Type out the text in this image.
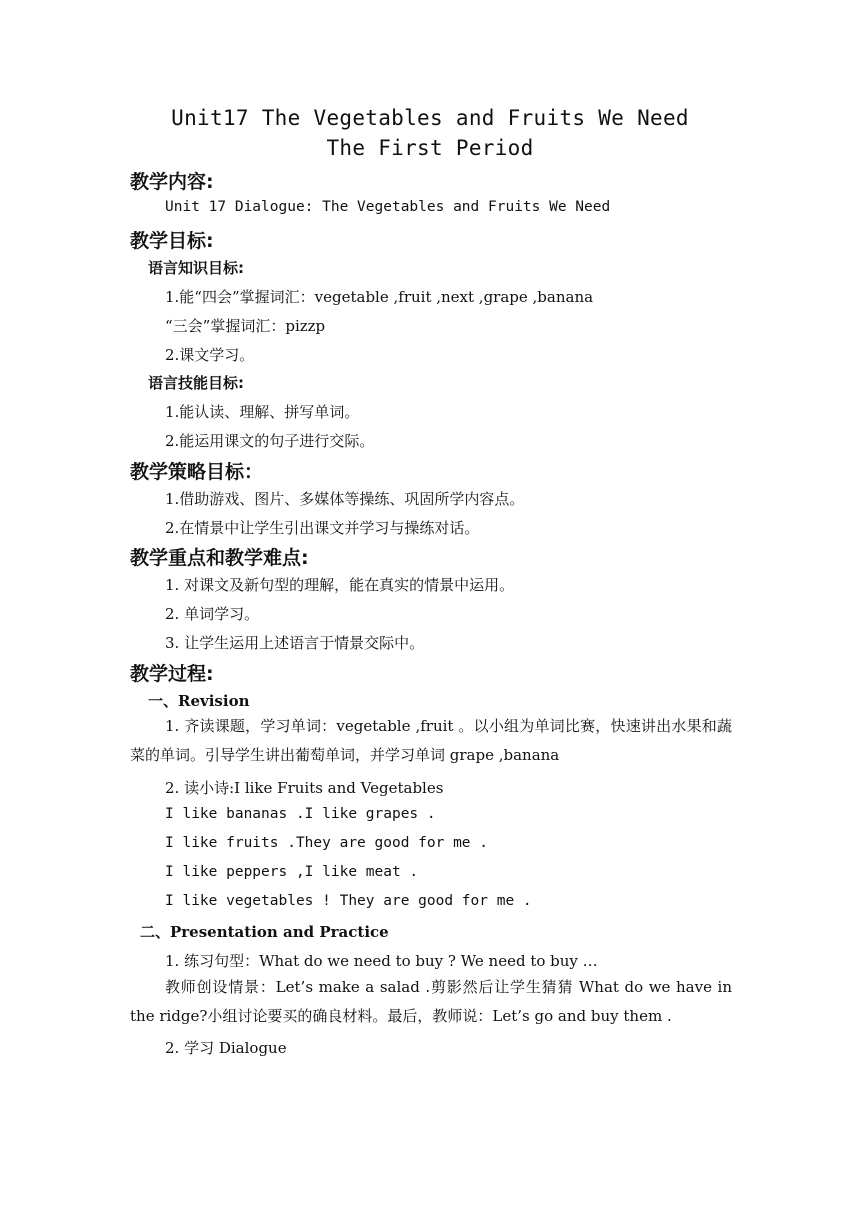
Unit17 The Vegetables and Fruits We Need
The First Period
教学内容:
Unit 17 Dialogue: The Vegetables and Fruits We Need
教学目标:
语言知识目标:
1.能“四会”掌握词汇：vegetable ,fruit ,next ,grape ,banana
“三会”掌握词汇：pizzp
2.课文学习。
语言技能目标:
1.能认读、理解、拼写单词。
2.能运用课文的句子进行交际。
教学策略目标：
1.借助游戏、图片、多媒体等操练、巩固所学内容点。
2.在情景中让学生引出课文并学习与操练对话。
教学重点和教学难点:
1. 对课文及新句型的理解，能在真实的情景中运用。
2. 单词学习。
3. 让学生运用上述语言于情景交际中。
教学过程:
一、Revision
1. 齐读课题，学习单词：vegetable ,fruit 。以小组为单词比赛，快速讲出水果和蔬菜的单词。引导学生讲出葡萄单词，并学习单词 grape ,banana
2. 读小诗:I like Fruits and Vegetables
I like bananas .I like grapes .
I like fruits .They are good for me .
I like peppers ,I like meat .
I like vegetables ! They are good for me .
二、Presentation and Practice
1. 练习句型：What do we need to buy ? We need to buy …
教师创设情景：Let’s make a salad .剪影然后让学生猜猜 What do we have in the ridge?小组讨论要买的确良材料。最后，教师说：Let’s go and buy them .
2. 学习 Dialogue
